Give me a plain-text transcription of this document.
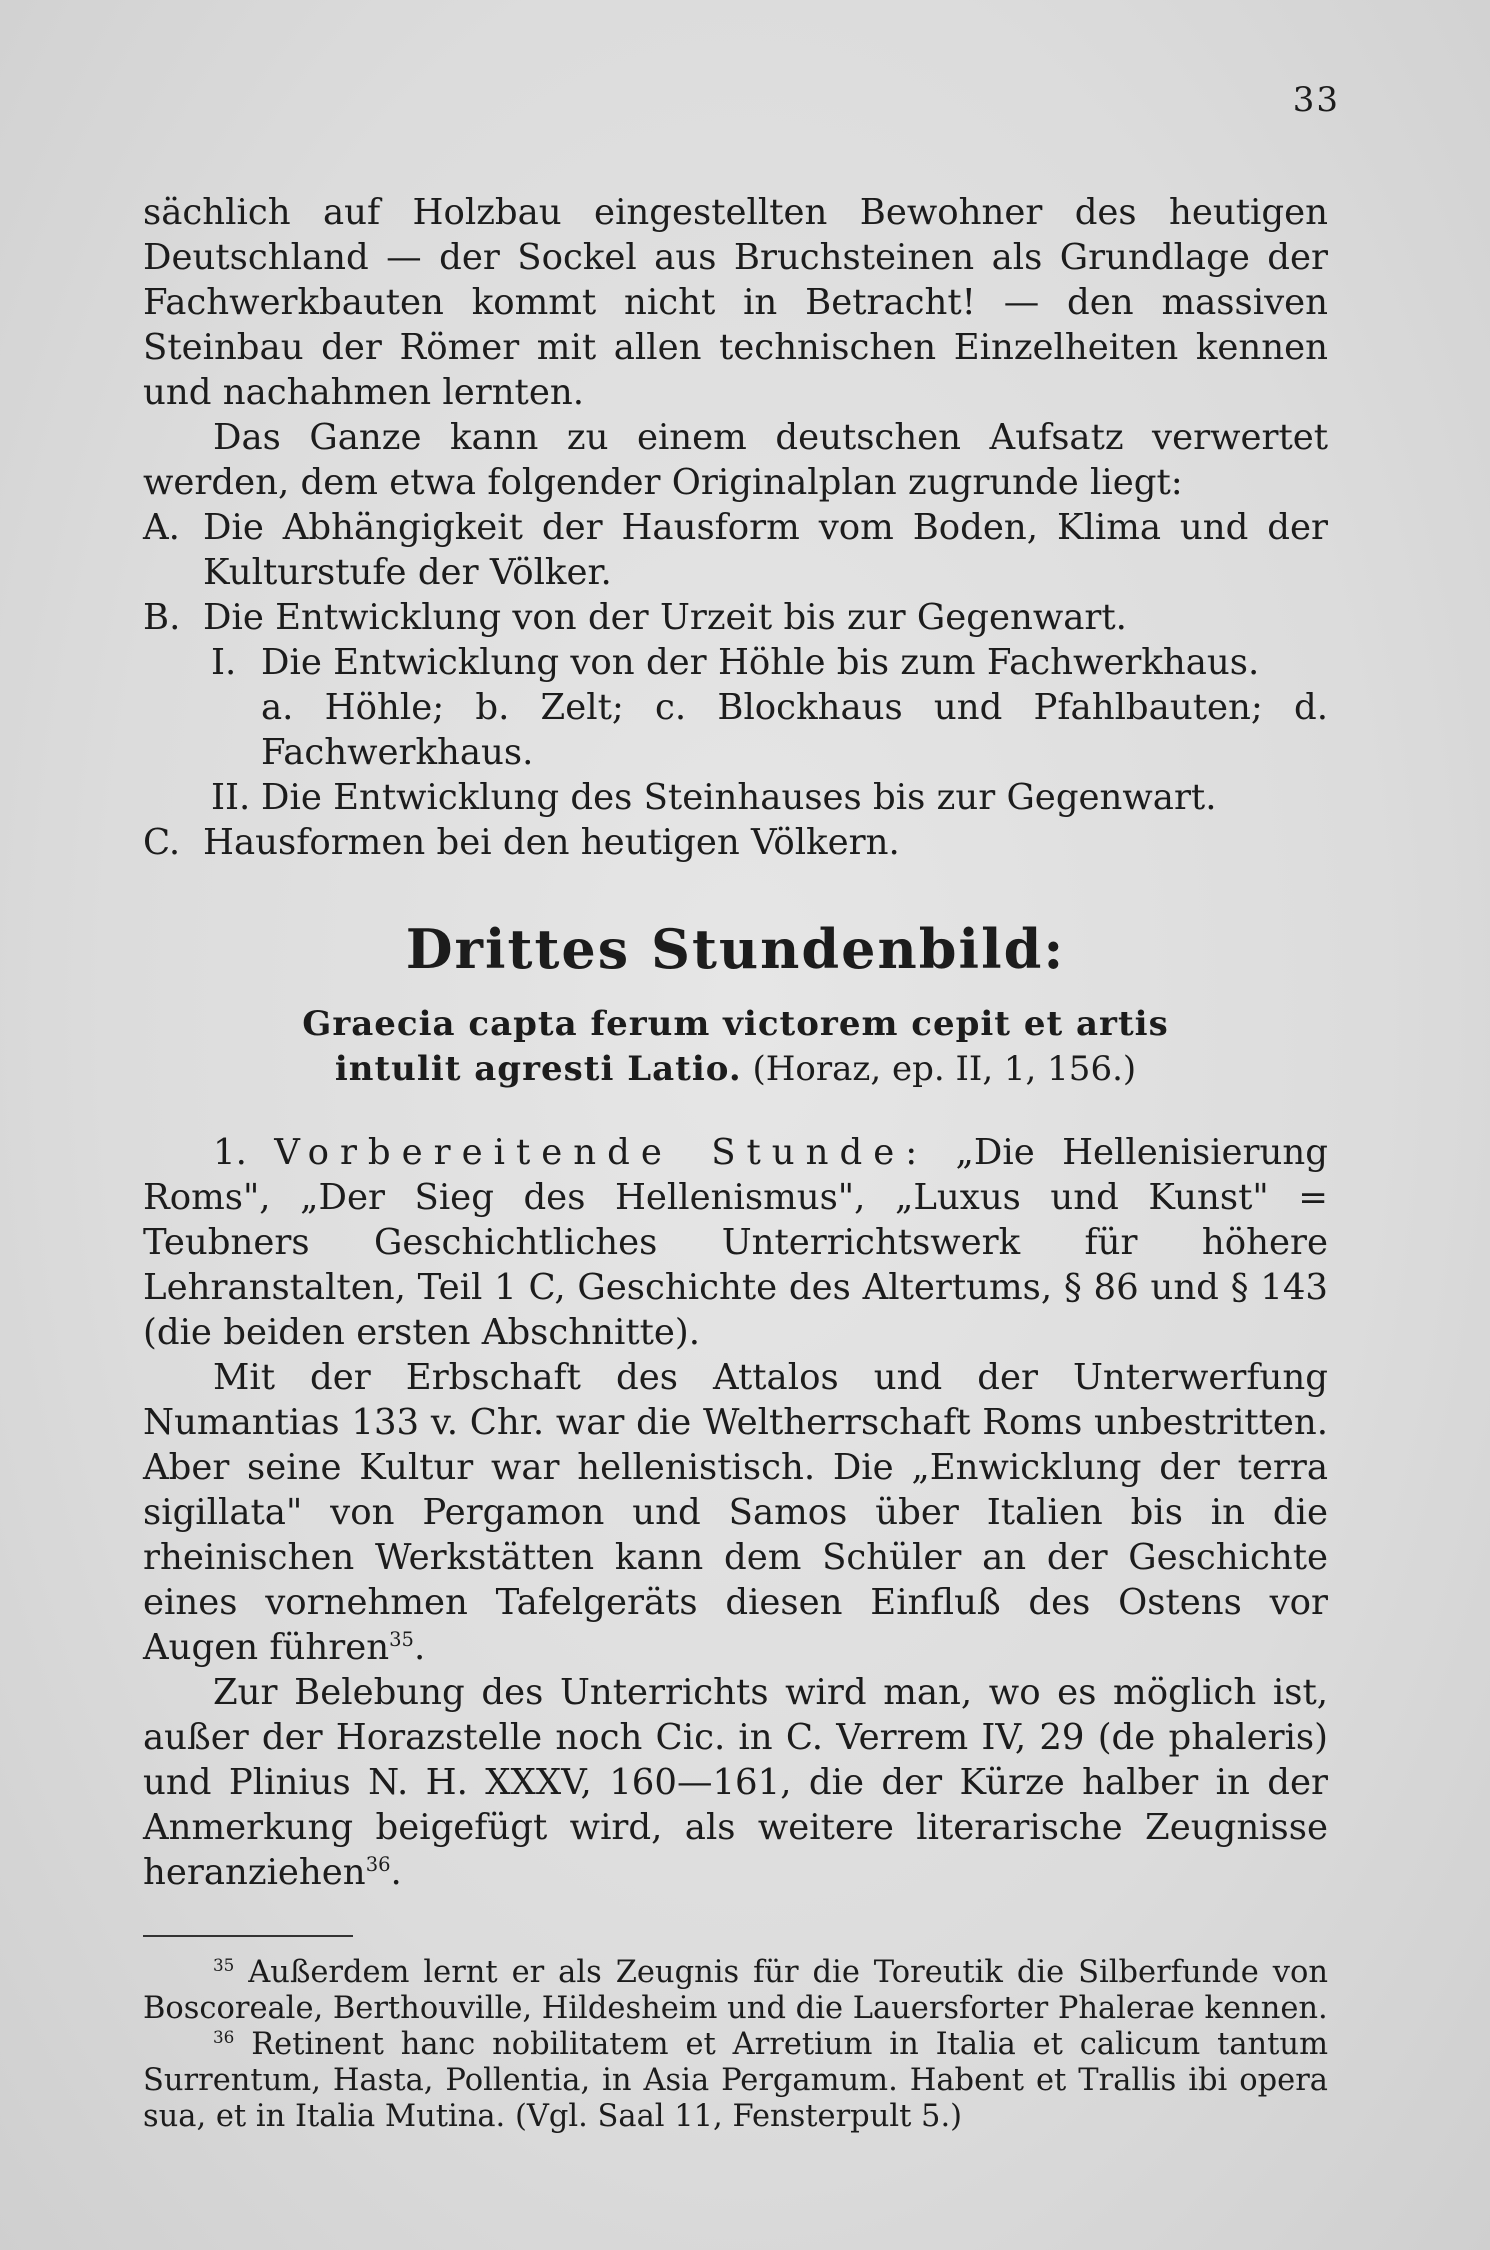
33

sächlich auf Holzbau eingestellten Bewohner des heutigen Deutschland — der Sockel aus Bruchsteinen als Grundlage der Fachwerkbauten kommt nicht in Betracht! — den massiven Steinbau der Römer mit allen technischen Einzelheiten kennen und nachahmen lernten.

Das Ganze kann zu einem deutschen Aufsatz verwertet werden, dem etwa folgender Originalplan zugrunde liegt:

A. Die Abhängigkeit der Hausform vom Boden, Klima und der Kulturstufe der Völker.

B. Die Entwicklung von der Urzeit bis zur Gegenwart.

I. Die Entwicklung von der Höhle bis zum Fachwerkhaus.

a. Höhle; b. Zelt; c. Blockhaus und Pfahlbauten; d. Fachwerkhaus.

II. Die Entwicklung des Steinhauses bis zur Gegenwart.

C. Hausformen bei den heutigen Völkern.

Drittes Stundenbild:
Graecia capta ferum victorem cepit et artis
intulit agresti Latio. (Horaz, ep. II, 1, 156.)

1. Vorbereitende Stunde: „Die Hellenisierung Roms", „Der Sieg des Hellenismus", „Luxus und Kunst" = Teubners Geschichtliches Unterrichtswerk für höhere Lehranstalten, Teil 1 C, Geschichte des Altertums, § 86 und § 143 (die beiden ersten Abschnitte).

Mit der Erbschaft des Attalos und der Unterwerfung Numantias 133 v. Chr. war die Weltherrschaft Roms unbestritten. Aber seine Kultur war hellenistisch. Die „Enwicklung der terra sigillata" von Pergamon und Samos über Italien bis in die rheinischen Werkstätten kann dem Schüler an der Geschichte eines vornehmen Tafelgeräts diesen Einfluß des Ostens vor Augen führen$^{35}$.

Zur Belebung des Unterrichts wird man, wo es möglich ist, außer der Horazstelle noch Cic. in C. Verrem IV, 29 (de phaleris) und Plinius N. H. XXXV, 160—161, die der Kürze halber in der Anmerkung beigefügt wird, als weitere literarische Zeugnisse heranziehen$^{36}$.

$^{35}$ Außerdem lernt er als Zeugnis für die Toreutik die Silberfunde von Boscoreale, Berthouville, Hildesheim und die Lauersforter Phalerae kennen.

$^{36}$ Retinent hanc nobilitatem et Arretium in Italia et calicum tantum Surrentum, Hasta, Pollentia, in Asia Pergamum. Habent et Trallis ibi opera sua, et in Italia Mutina. (Vgl. Saal 11, Fensterpult 5.)
